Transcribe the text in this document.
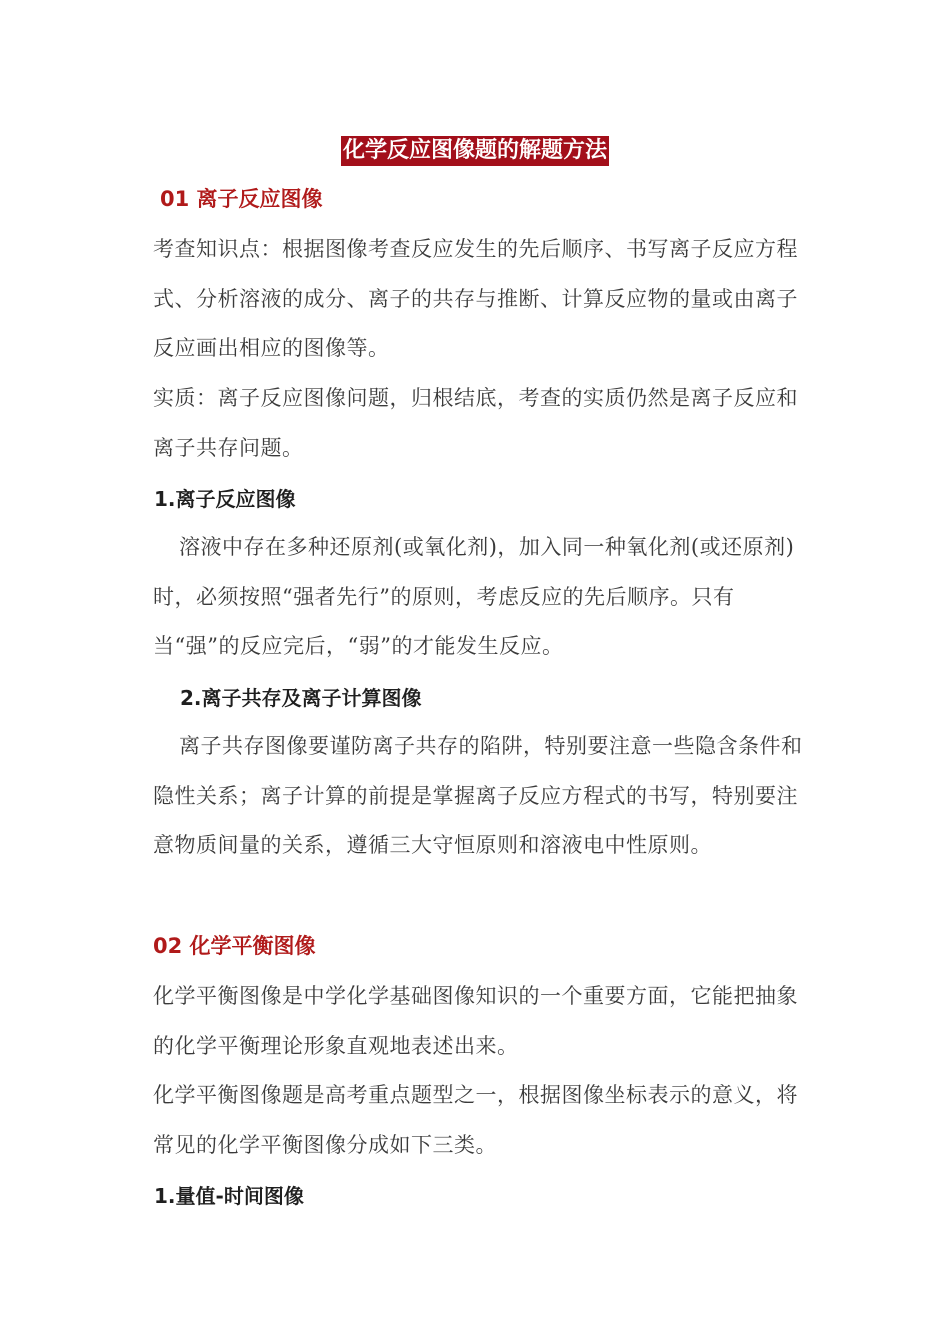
化学反应图像题的解题方法
01 离子反应图像

考查知识点：根据图像考查反应发生的先后顺序、书写离子反应方程式、分析溶液的成分、离子的共存与推断、计算反应物的量或由离子反应画出相应的图像等。

实质：离子反应图像问题，归根结底，考查的实质仍然是离子反应和离子共存问题。

1.离子反应图像

溶液中存在多种还原剂(或氧化剂)，加入同一种氧化剂(或还原剂)时，必须按照“强者先行”的原则，考虑反应的先后顺序。只有当“强”的反应完后，“弱”的才能发生反应。

2.离子共存及离子计算图像

离子共存图像要谨防离子共存的陷阱，特别要注意一些隐含条件和隐性关系；离子计算的前提是掌握离子反应方程式的书写，特别要注意物质间量的关系，遵循三大守恒原则和溶液电中性原则。

02 化学平衡图像

化学平衡图像是中学化学基础图像知识的一个重要方面，它能把抽象的化学平衡理论形象直观地表述出来。

化学平衡图像题是高考重点题型之一，根据图像坐标表示的意义，将常见的化学平衡图像分成如下三类。

1.量值-时间图像
